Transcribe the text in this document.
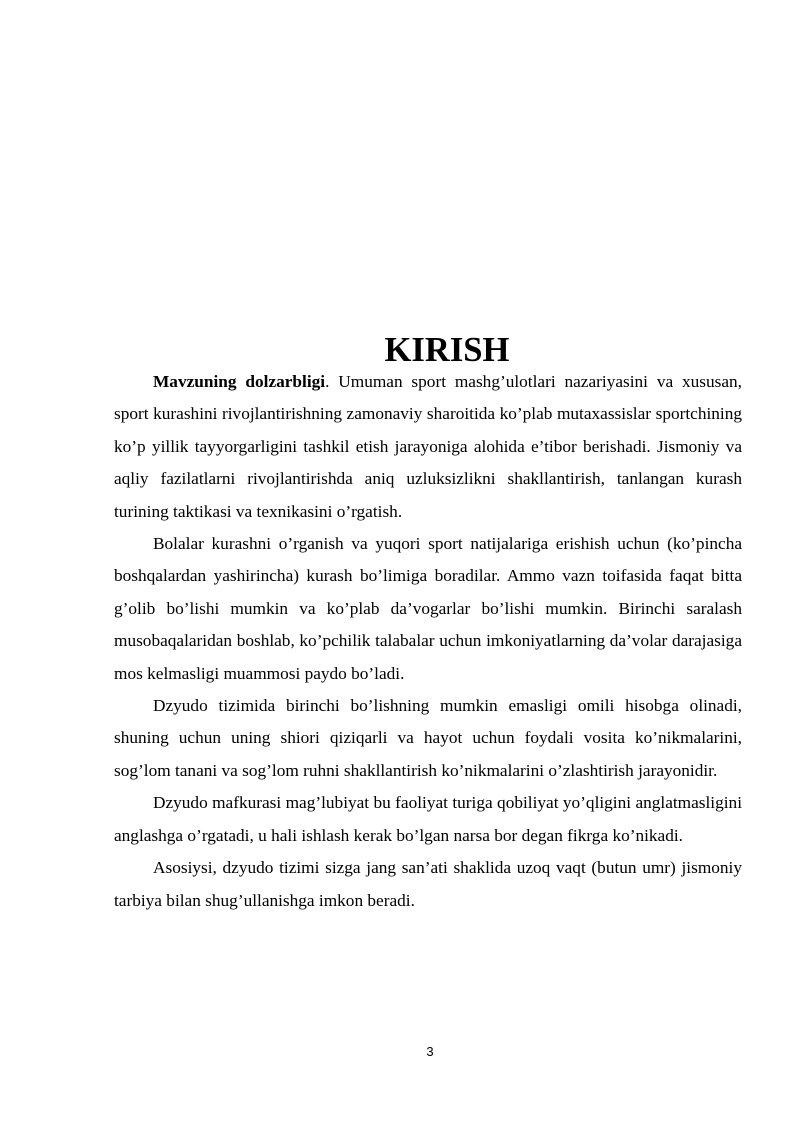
KIRISH

Mavzuning dolzarbligi. Umuman sport mashg’ulotlari nazariyasini va xususan, sport kurashini rivojlantirishning zamonaviy sharoitida ko’plab mutaxassislar sportchining ko’p yillik tayyorgarligini tashkil etish jarayoniga alohida e’tibor berishadi. Jismoniy va aqliy fazilatlarni rivojlantirishda aniq uzluksizlikni shakllantirish, tanlangan kurash turining taktikasi va texnikasini o’rgatish.

Bolalar kurashni o’rganish va yuqori sport natijalariga erishish uchun (ko’pincha boshqalardan yashirincha) kurash bo’limiga boradilar. Ammo vazn toifasida faqat bitta g’olib bo’lishi mumkin va ko’plab da’vogarlar bo’lishi mumkin. Birinchi saralash musobaqalaridan boshlab, ko’pchilik talabalar uchun imkoniyatlarning da’volar darajasiga mos kelmasligi muammosi paydo bo’ladi.

Dzyudo tizimida birinchi bo’lishning mumkin emasligi omili hisobga olinadi, shuning uchun uning shiori qiziqarli va hayot uchun foydali vosita ko’nikmalarini, sog’lom tanani va sog’lom ruhni shakllantirish ko’nikmalarini o’zlashtirish jarayonidir.

Dzyudo mafkurasi mag’lubiyat bu faoliyat turiga qobiliyat yo’qligini anglatmasligini anglashga o’rgatadi, u hali ishlash kerak bo’lgan narsa bor degan fikrga ko’nikadi.

Asosiysi, dzyudo tizimi sizga jang san’ati shaklida uzoq vaqt (butun umr) jismoniy tarbiya bilan shug’ullanishga imkon beradi.

3
